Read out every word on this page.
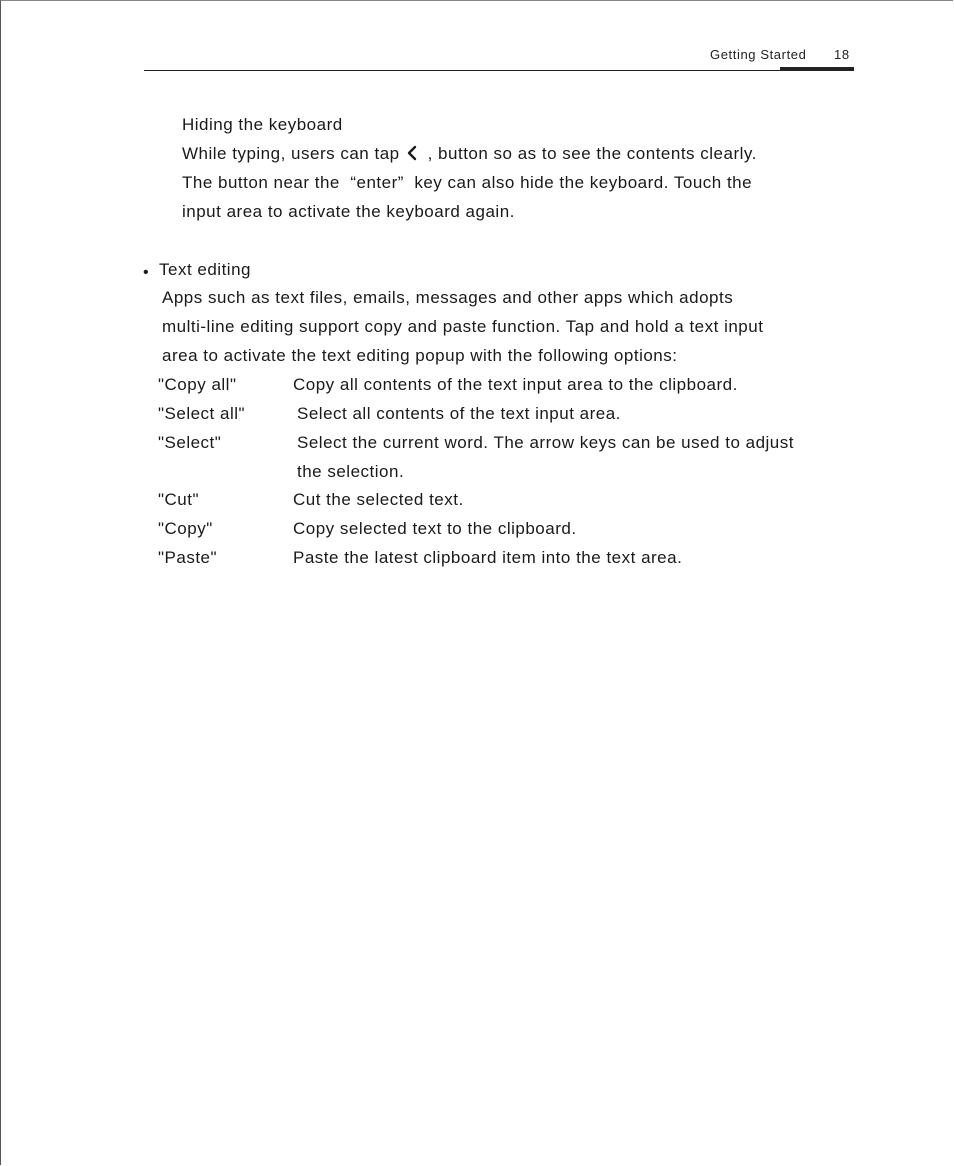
Getting Started 18
Hiding the keyboard
While typing, users can tap , button so as to see the contents clearly.
The button near the  “enter”  key can also hide the keyboard. Touch the
input area to activate the keyboard again.
• Text editing
Apps such as text files, emails, messages and other apps which adopts
multi-line editing support copy and paste function. Tap and hold a text input
area to activate the text editing popup with the following options:
"Copy all"	Copy all contents of the text input area to the clipboard.
"Select all"	Select all contents of the text input area.
"Select"	Select the current word. The arrow keys can be used to adjust
the selection.
"Cut"	Cut the selected text.
"Copy"	Copy selected text to the clipboard.
"Paste"	Paste the latest clipboard item into the text area.
